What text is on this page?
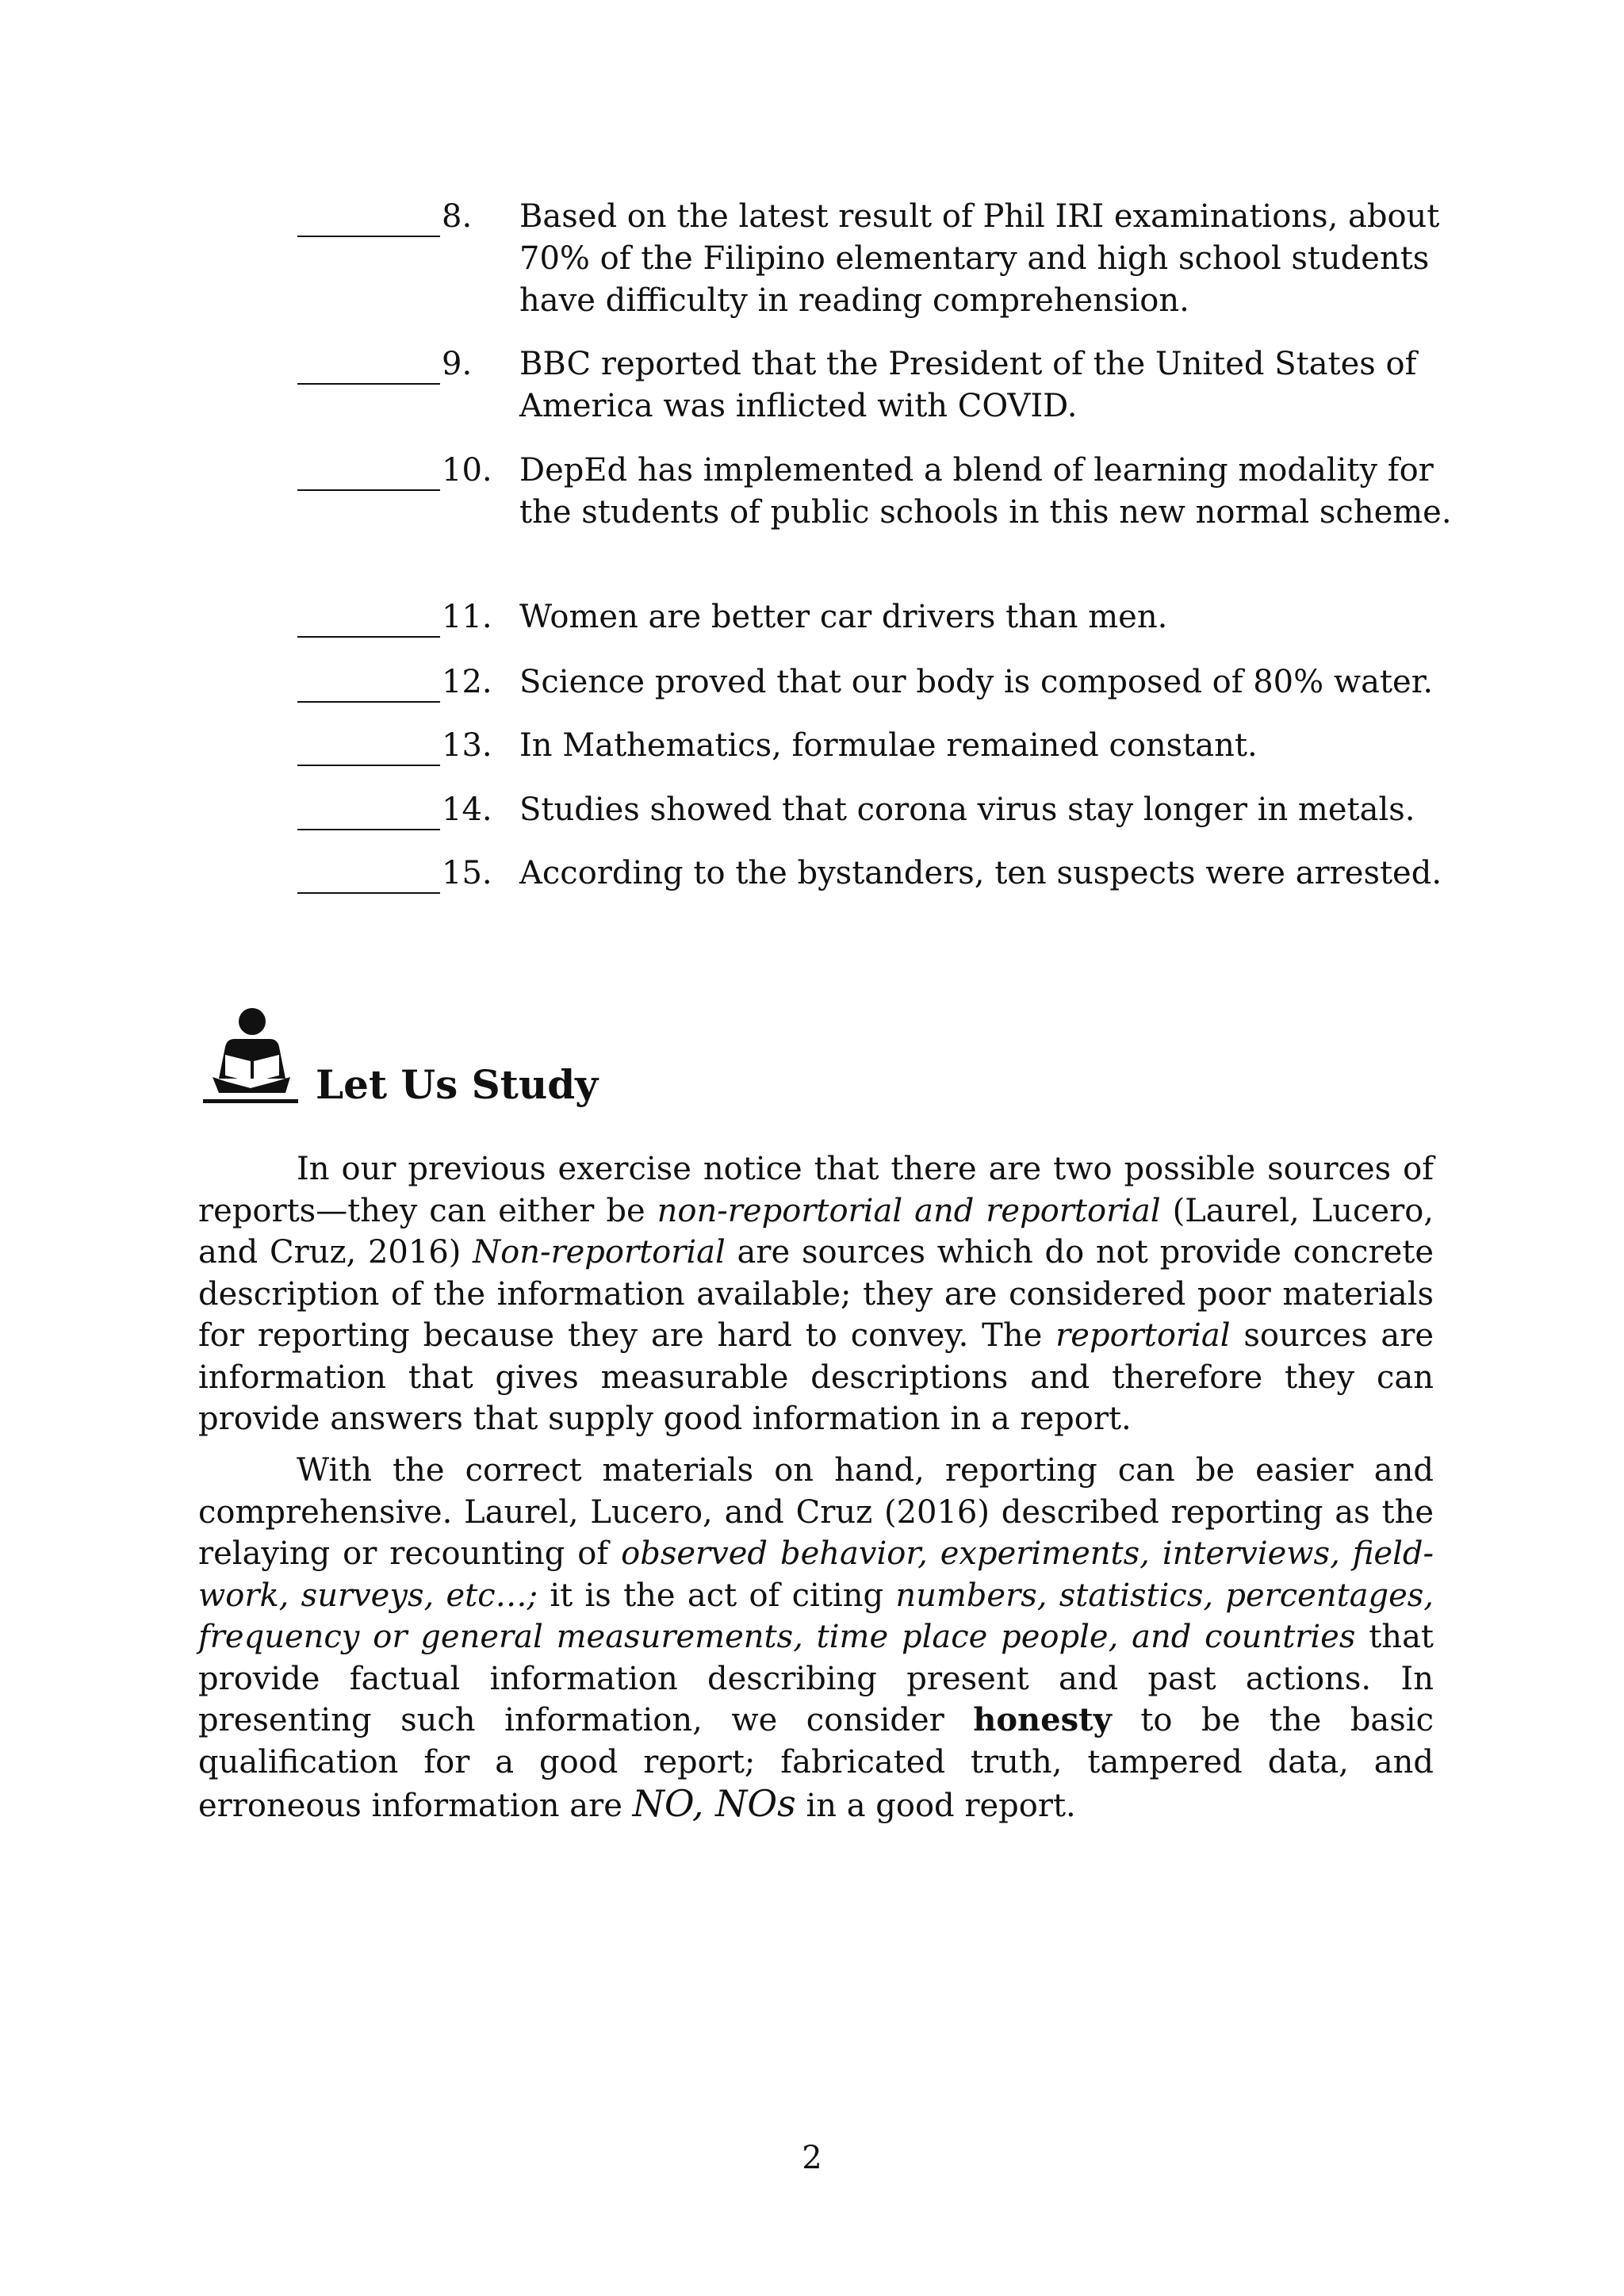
8. Based on the latest result of Phil IRI examinations, about 70% of the Filipino elementary and high school students have difficulty in reading comprehension.
9. BBC reported that the President of the United States of America was inflicted with COVID.
10. DepEd has implemented a blend of learning modality for the students of public schools in this new normal scheme.
11. Women are better car drivers than men.
12. Science proved that our body is composed of 80% water.
13. In Mathematics, formulae remained constant.
14. Studies showed that corona virus stay longer in metals.
15. According to the bystanders, ten suspects were arrested.
Let Us Study

In our previous exercise notice that there are two possible sources of reports—they can either be non-reportorial and reportorial (Laurel, Lucero, and Cruz, 2016) Non-reportorial are sources which do not provide concrete description of the information available; they are considered poor materials for reporting because they are hard to convey. The reportorial sources are information that gives measurable descriptions and therefore they can provide answers that supply good information in a report.

With the correct materials on hand, reporting can be easier and comprehensive. Laurel, Lucero, and Cruz (2016) described reporting as the relaying or recounting of observed behavior, experiments, interviews, field-work, surveys, etc…; it is the act of citing numbers, statistics, percentages, frequency or general measurements, time place people, and countries that provide factual information describing present and past actions. In presenting such information, we consider honesty to be the basic qualification for a good report; fabricated truth, tampered data, and erroneous information are NO, NOs in a good report.

2
